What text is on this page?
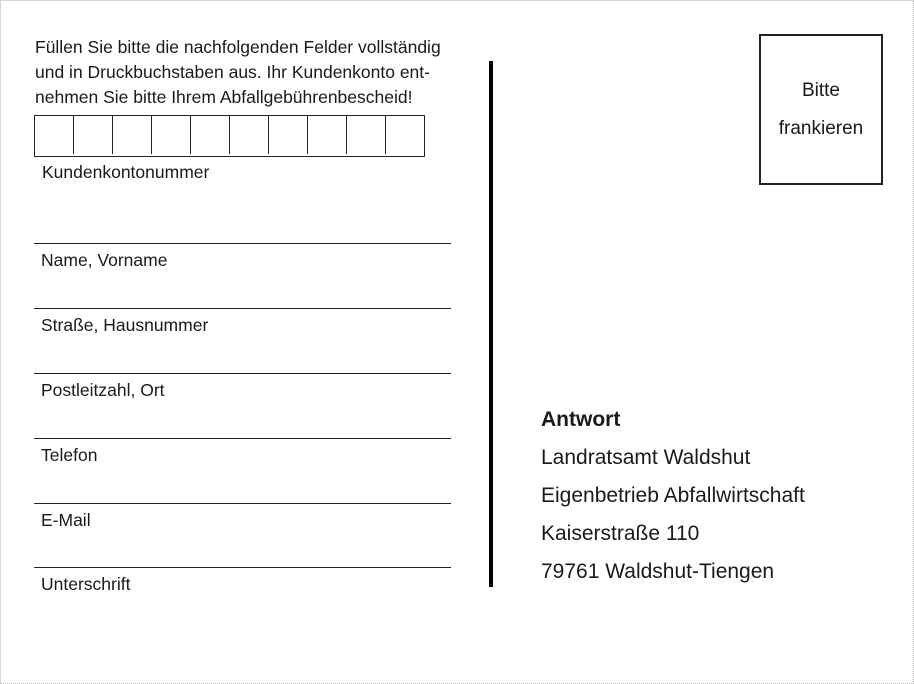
Füllen Sie bitte die nachfolgenden Felder vollständig
und in Druckbuchstaben aus. Ihr Kundenkonto ent-
nehmen Sie bitte Ihrem Abfallgebührenbescheid!

Kundenkontonummer
Name, Vorname
Straße, Hausnummer
Postleitzahl, Ort
Telefon
E-Mail
Unterschrift
Bitte
frankieren
Antwort
Landratsamt Waldshut
Eigenbetrieb Abfallwirtschaft
Kaiserstraße 110
79761 Waldshut-Tiengen
